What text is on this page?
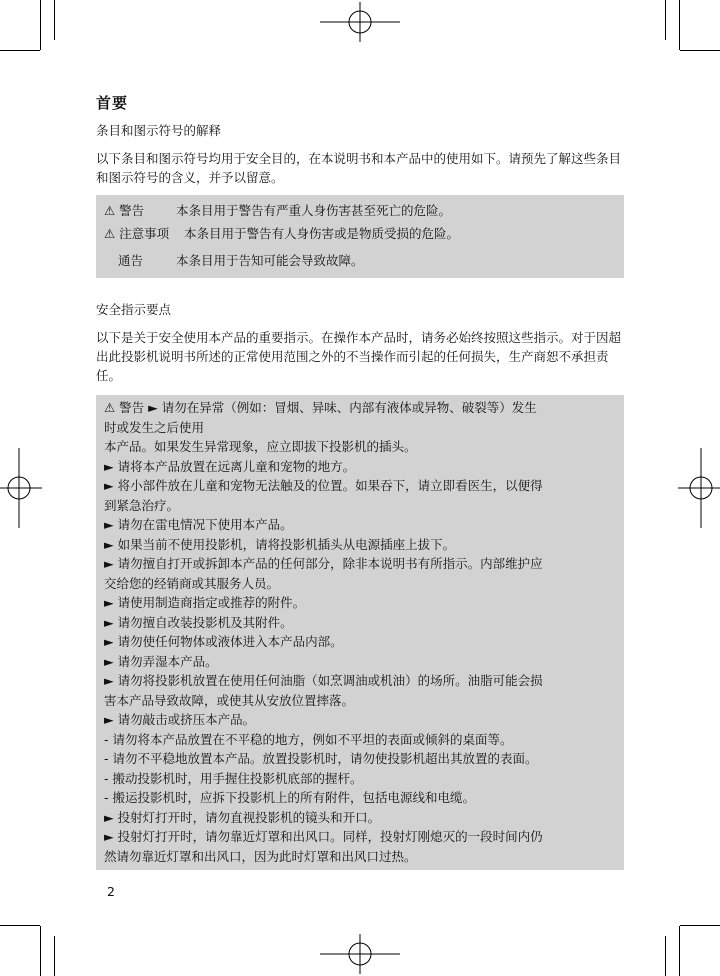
首要
条目和图示符号的解释
以下条目和图示符号均用于安全目的，在本说明书和本产品中的使用如下。请预先了解这些条目和图示符号的含义，并予以留意。
⚠ 警告	本条目用于警告有严重人身伤害甚至死亡的危险。
⚠ 注意事项	本条目用于警告有人身伤害或是物质受损的危险。
通告	本条目用于告知可能会导致故障。
安全指示要点
以下是关于安全使用本产品的重要指示。在操作本产品时，请务必始终按照这些指示。对于因超出此投影机说明书所述的正常使用范围之外的不当操作而引起的任何损失，生产商恕不承担责任。
⚠ 警告 ► 请勿在异常（例如：冒烟、异味、内部有液体或异物、破裂等）发生
时或发生之后使用
本产品。如果发生异常现象，应立即拔下投影机的插头。
► 请将本产品放置在远离儿童和宠物的地方。
► 将小部件放在儿童和宠物无法触及的位置。如果吞下，请立即看医生，以便得
到紧急治疗。
► 请勿在雷电情况下使用本产品。
► 如果当前不使用投影机，请将投影机插头从电源插座上拔下。
► 请勿擅自打开或拆卸本产品的任何部分，除非本说明书有所指示。内部维护应
交给您的经销商或其服务人员。
► 请使用制造商指定或推荐的附件。
► 请勿擅自改装投影机及其附件。
► 请勿使任何物体或液体进入本产品内部。
► 请勿弄湿本产品。
► 请勿将投影机放置在使用任何油脂（如烹调油或机油）的场所。油脂可能会损
害本产品导致故障，或使其从安放位置摔落。
► 请勿敲击或挤压本产品。
- 请勿将本产品放置在不平稳的地方，例如不平坦的表面或倾斜的桌面等。
- 请勿不平稳地放置本产品。放置投影机时，请勿使投影机超出其放置的表面。
- 搬动投影机时，用手握住投影机底部的握杆。
- 搬运投影机时，应拆下投影机上的所有附件，包括电源线和电缆。
► 投射灯打开时，请勿直视投影机的镜头和开口。
► 投射灯打开时，请勿靠近灯罩和出风口。同样，投射灯刚熄灭的一段时间内仍
然请勿靠近灯罩和出风口，因为此时灯罩和出风口过热。
2
